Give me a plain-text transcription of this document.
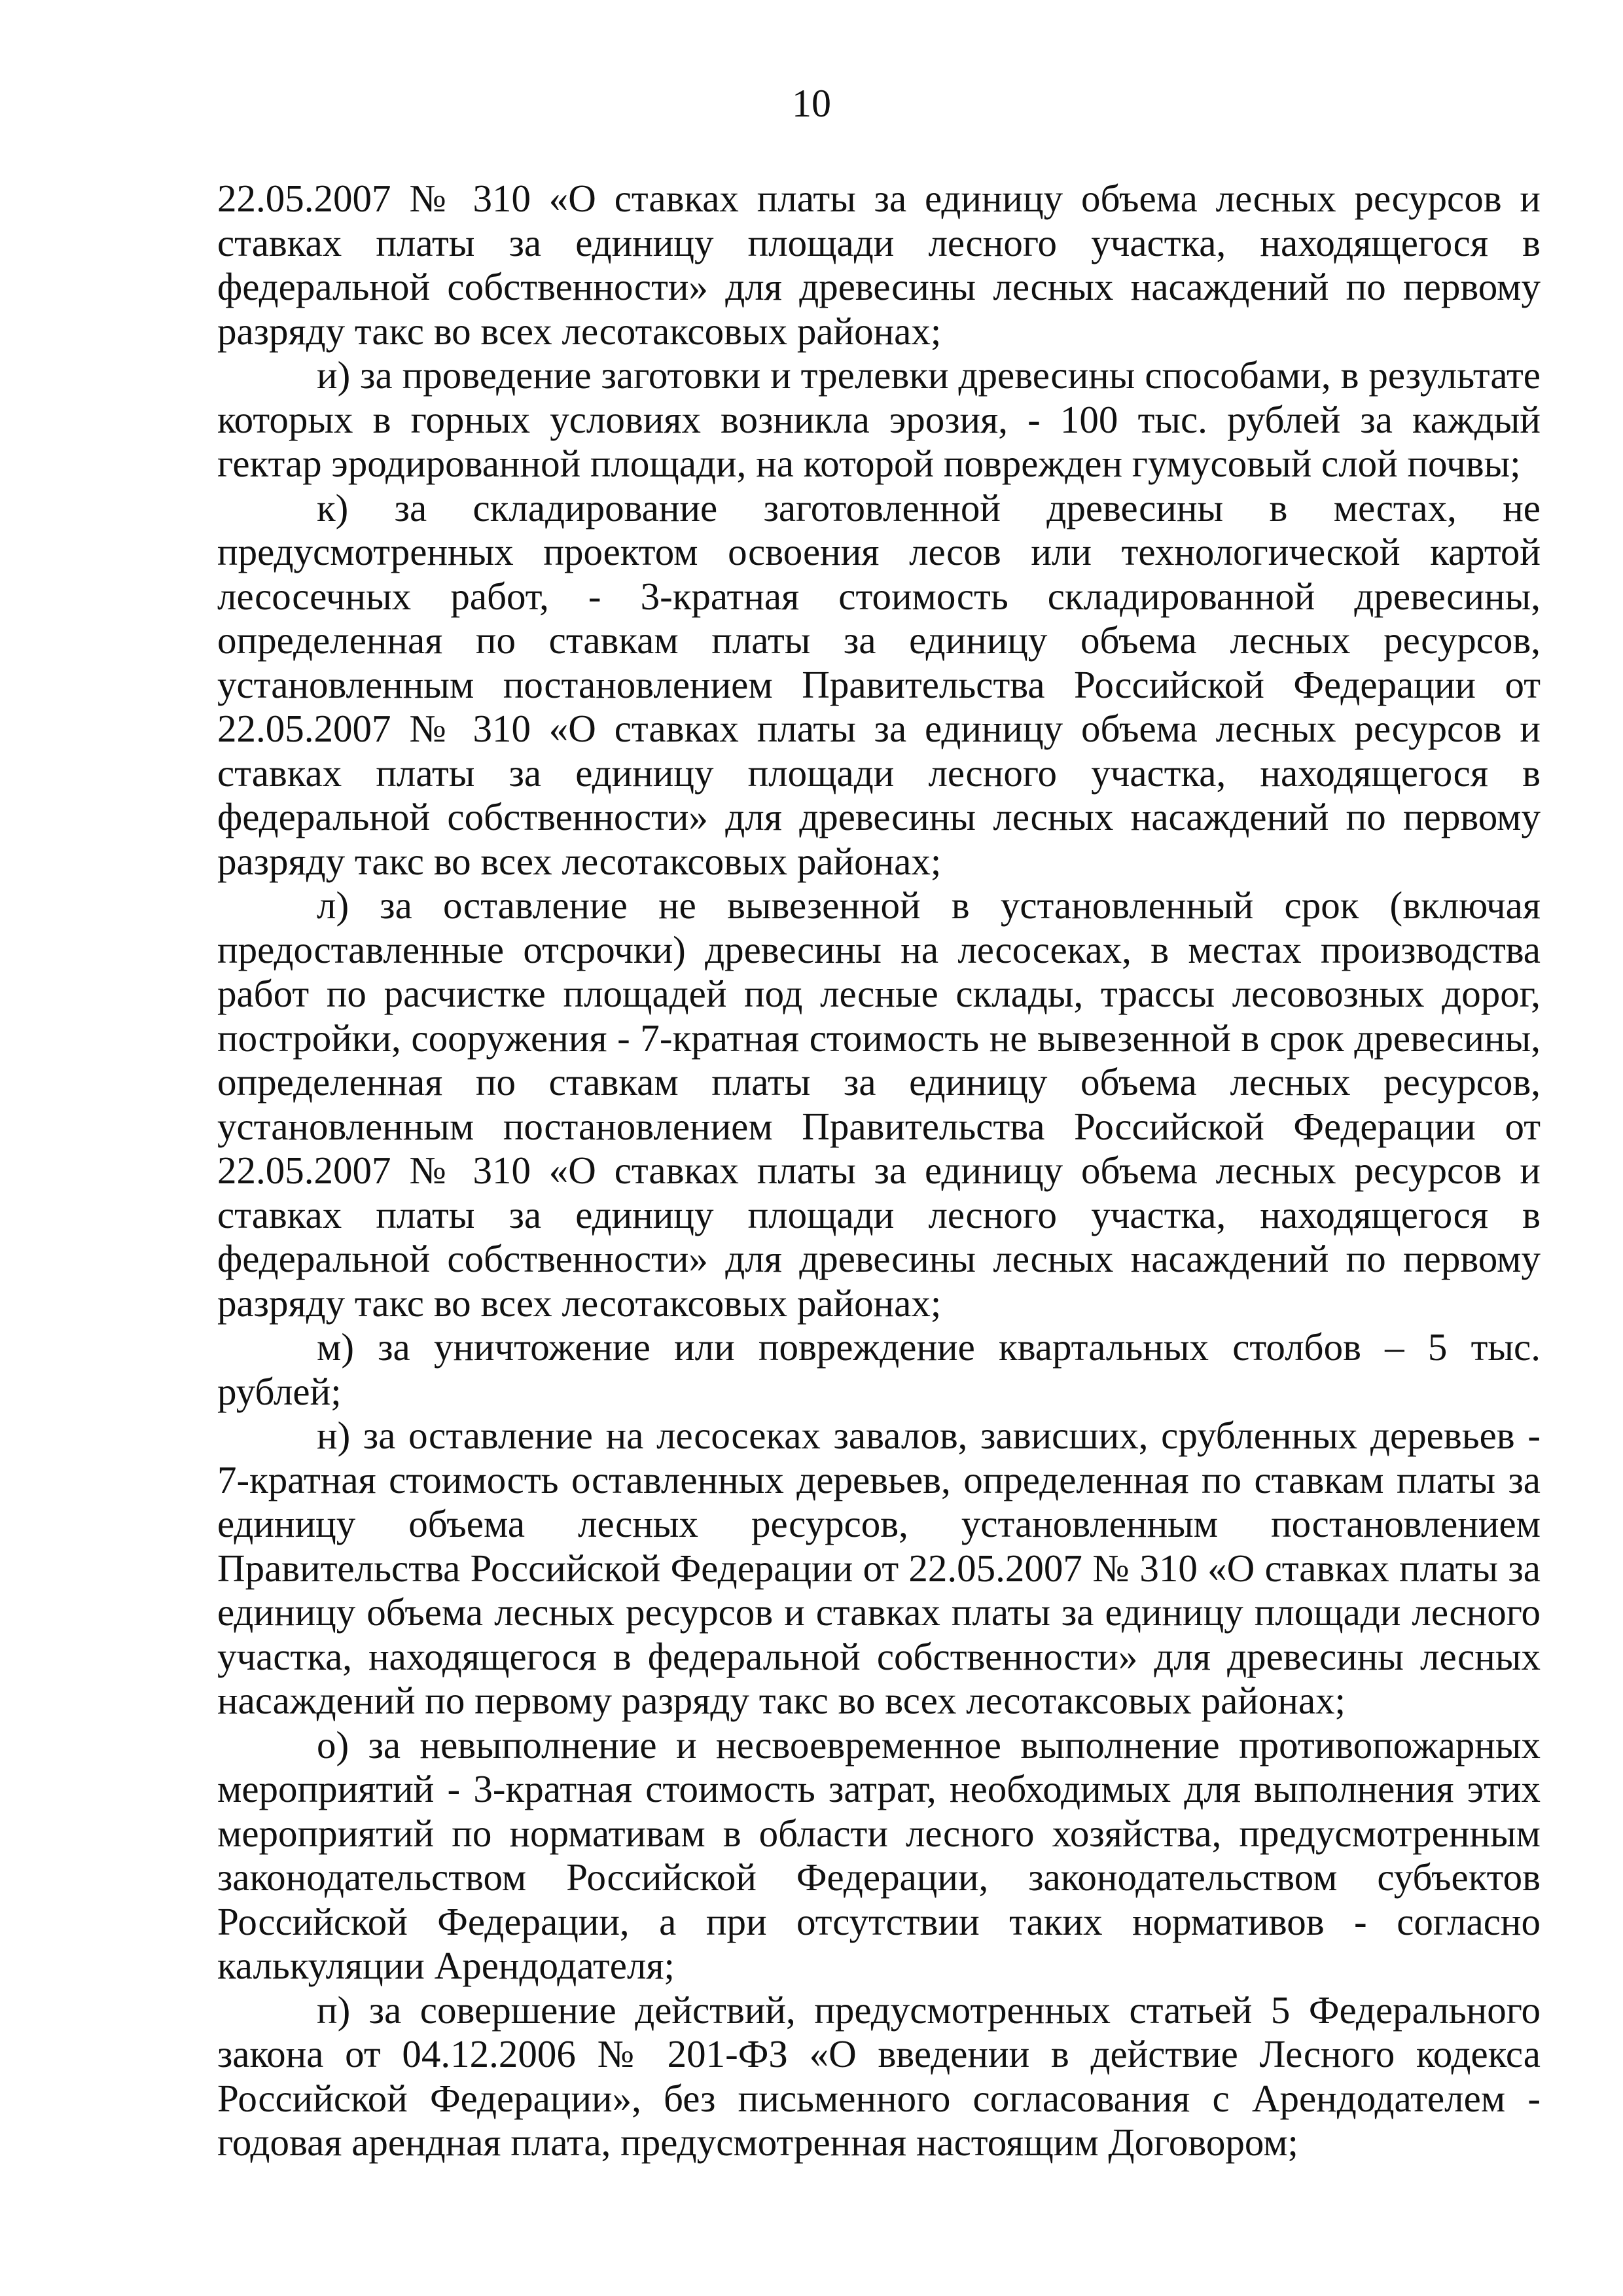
10

22.05.2007 № 310 «О ставках платы за единицу объема лесных ресурсов и ставках платы за единицу площади лесного участка, находящегося в федеральной собственности» для древесины лесных насаждений по первому разряду такс во всех лесотаксовых районах;

и) за проведение заготовки и трелевки древесины способами, в результате которых в горных условиях возникла эрозия, - 100 тыс. рублей за каждый гектар эродированной площади, на которой поврежден гумусовый слой почвы;

к) за складирование заготовленной древесины в местах, не предусмотренных проектом освоения лесов или технологической картой лесосечных работ, - 3-кратная стоимость складированной древесины, определенная по ставкам платы за единицу объема лесных ресурсов, установленным постановлением Правительства Российской Федерации от 22.05.2007 № 310 «О ставках платы за единицу объема лесных ресурсов и ставках платы за единицу площади лесного участка, находящегося в федеральной собственности» для древесины лесных насаждений по первому разряду такс во всех лесотаксовых районах;

л) за оставление не вывезенной в установленный срок (включая предоставленные отсрочки) древесины на лесосеках, в местах производства работ по расчистке площадей под лесные склады, трассы лесовозных дорог, постройки, сооружения - 7-кратная стоимость не вывезенной в срок древесины, определенная по ставкам платы за единицу объема лесных ресурсов, установленным постановлением Правительства Российской Федерации от 22.05.2007 № 310 «О ставках платы за единицу объема лесных ресурсов и ставках платы за единицу площади лесного участка, находящегося в федеральной собственности» для древесины лесных насаждений по первому разряду такс во всех лесотаксовых районах;

м) за уничтожение или повреждение квартальных столбов – 5 тыс. рублей;

н) за оставление на лесосеках завалов, зависших, срубленных деревьев - 7-кратная стоимость оставленных деревьев, определенная по ставкам платы за единицу объема лесных ресурсов, установленным постановлением Правительства Российской Федерации от 22.05.2007 № 310 «О ставках платы за единицу объема лесных ресурсов и ставках платы за единицу площади лесного участка, находящегося в федеральной собственности» для древесины лесных насаждений по первому разряду такс во всех лесотаксовых районах;

о) за невыполнение и несвоевременное выполнение противопожарных мероприятий - 3-кратная стоимость затрат, необходимых для выполнения этих мероприятий по нормативам в области лесного хозяйства, предусмотренным законодательством Российской Федерации, законодательством субъектов Российской Федерации, а при отсутствии таких нормативов - согласно калькуляции Арендодателя;

п) за совершение действий, предусмотренных статьей 5 Федерального закона от 04.12.2006 № 201-ФЗ «О введении в действие Лесного кодекса Российской Федерации», без письменного согласования с Арендодателем - годовая арендная плата, предусмотренная настоящим Договором;
